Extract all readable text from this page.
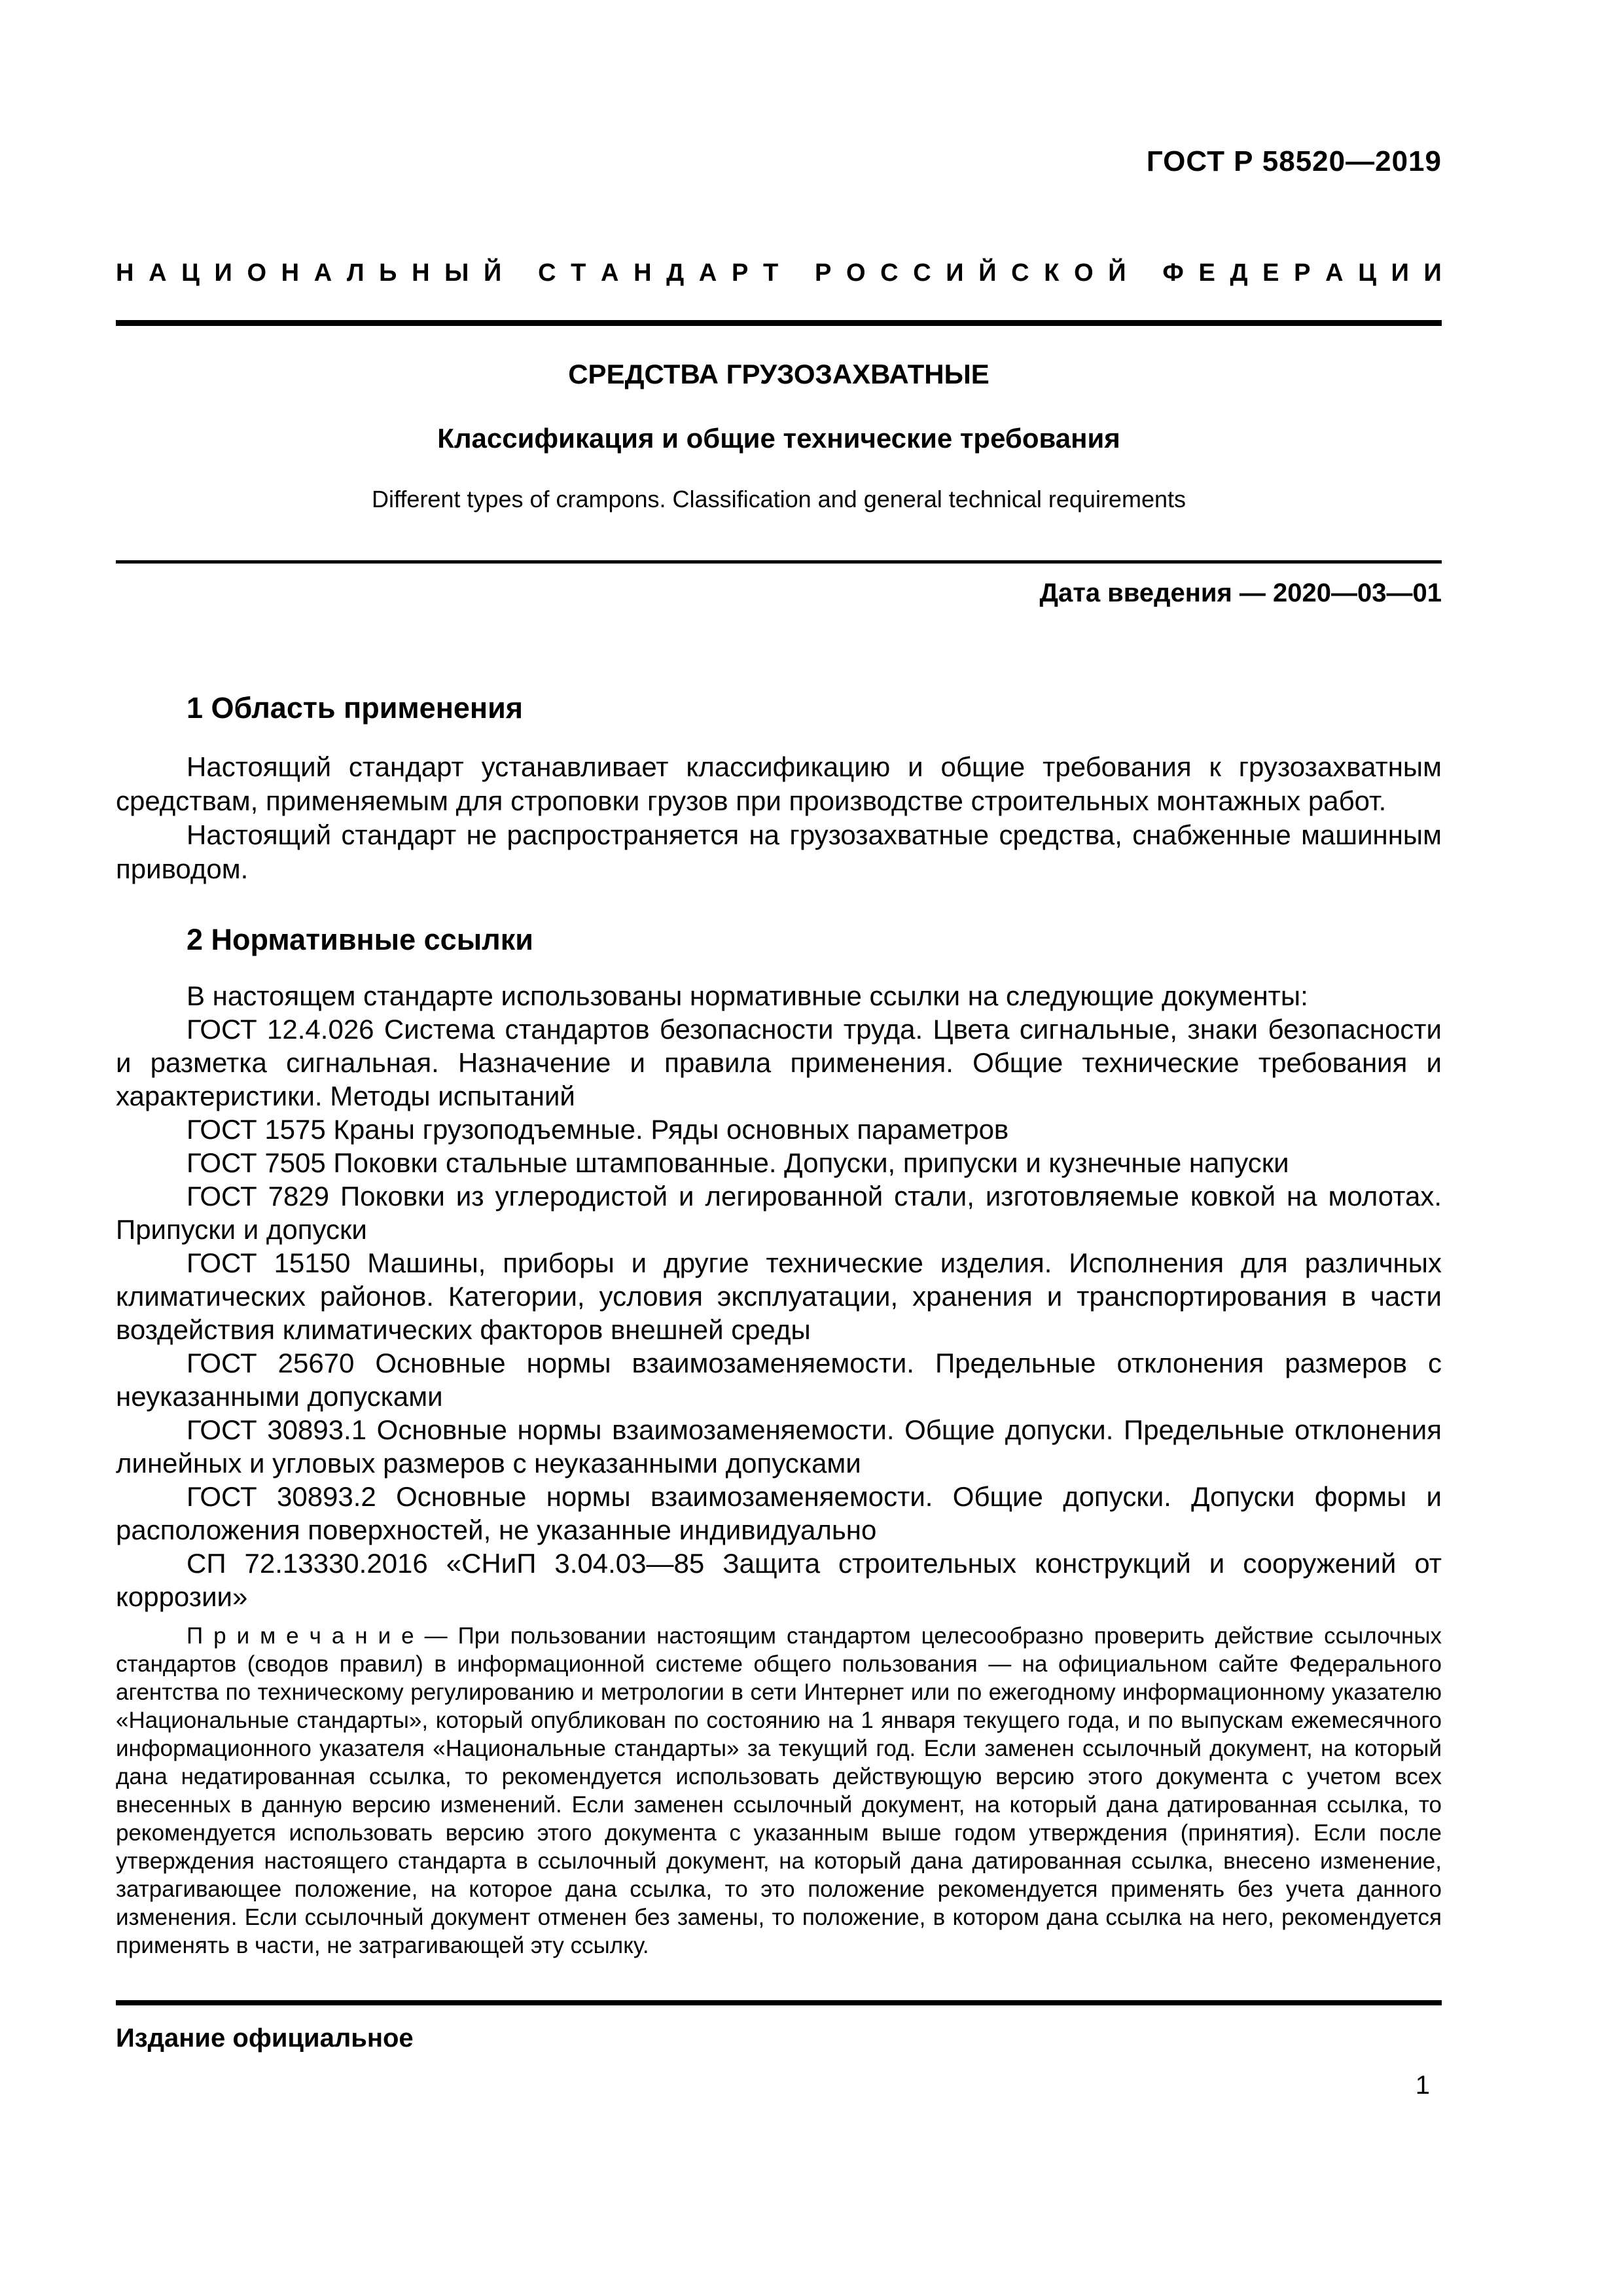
ГОСТ Р 58520—2019
Н А Ц И О Н А Л Ь Н Ы Й
С Т А Н Д А Р Т
Р О С С И Й С К О Й
Ф Е Д Е Р А Ц И И
СРЕДСТВА ГРУЗОЗАХВАТНЫЕ
Классификация и общие технические требования
Different types of crampons. Classification and general technical requirements
Дата введения — 2020—03—01
1 Область применения

Настоящий стандарт устанавливает классификацию и общие требования к грузозахватным средствам, применяемым для строповки грузов при производстве строительных монтажных работ.

Настоящий стандарт не распространяется на грузозахватные средства, снабженные машинным приводом.

2 Нормативные ссылки

В настоящем стандарте использованы нормативные ссылки на следующие документы:

ГОСТ 12.4.026 Система стандартов безопасности труда. Цвета сигнальные, знаки безопасности и разметка сигнальная. Назначение и правила применения. Общие технические требования и характеристики. Методы испытаний

ГОСТ 1575 Краны грузоподъемные. Ряды основных параметров

ГОСТ 7505 Поковки стальные штампованные. Допуски, припуски и кузнечные напуски

ГОСТ 7829 Поковки из углеродистой и легированной стали, изготовляемые ковкой на молотах. Припуски и допуски

ГОСТ 15150 Машины, приборы и другие технические изделия. Исполнения для различных климатических районов. Категории, условия эксплуатации, хранения и транспортирования в части воздействия климатических факторов внешней среды

ГОСТ 25670 Основные нормы взаимозаменяемости. Предельные отклонения размеров с неуказанными допусками

ГОСТ 30893.1 Основные нормы взаимозаменяемости. Общие допуски. Предельные отклонения линейных и угловых размеров с неуказанными допусками

ГОСТ 30893.2 Основные нормы взаимозаменяемости. Общие допуски. Допуски формы и расположения поверхностей, не указанные индивидуально

СП 72.13330.2016 «СНиП 3.04.03—85 Защита строительных конструкций и сооружений от коррозии»

П р и м е ч а н и е — При пользовании настоящим стандартом целесообразно проверить действие ссылочных стандартов (сводов правил) в информационной системе общего пользования — на официальном сайте Федерального агентства по техническому регулированию и метрологии в сети Интернет или по ежегодному информационному указателю «Национальные стандарты», который опубликован по состоянию на 1 января текущего года, и по выпускам ежемесячного информационного указателя «Национальные стандарты» за текущий год. Если заменен ссылочный документ, на который дана недатированная ссылка, то рекомендуется использовать действующую версию этого документа с учетом всех внесенных в данную версию изменений. Если заменен ссылочный документ, на который дана датированная ссылка, то рекомендуется использовать версию этого документа с указанным выше годом утверждения (принятия). Если после утверждения настоящего стандарта в ссылочный документ, на который дана датированная ссылка, внесено изменение, затрагивающее положение, на которое дана ссылка, то это положение рекомендуется применять без учета данного изменения. Если ссылочный документ отменен без замены, то положение, в котором дана ссылка на него, рекомендуется применять в части, не затрагивающей эту ссылку.
Издание официальное
1
